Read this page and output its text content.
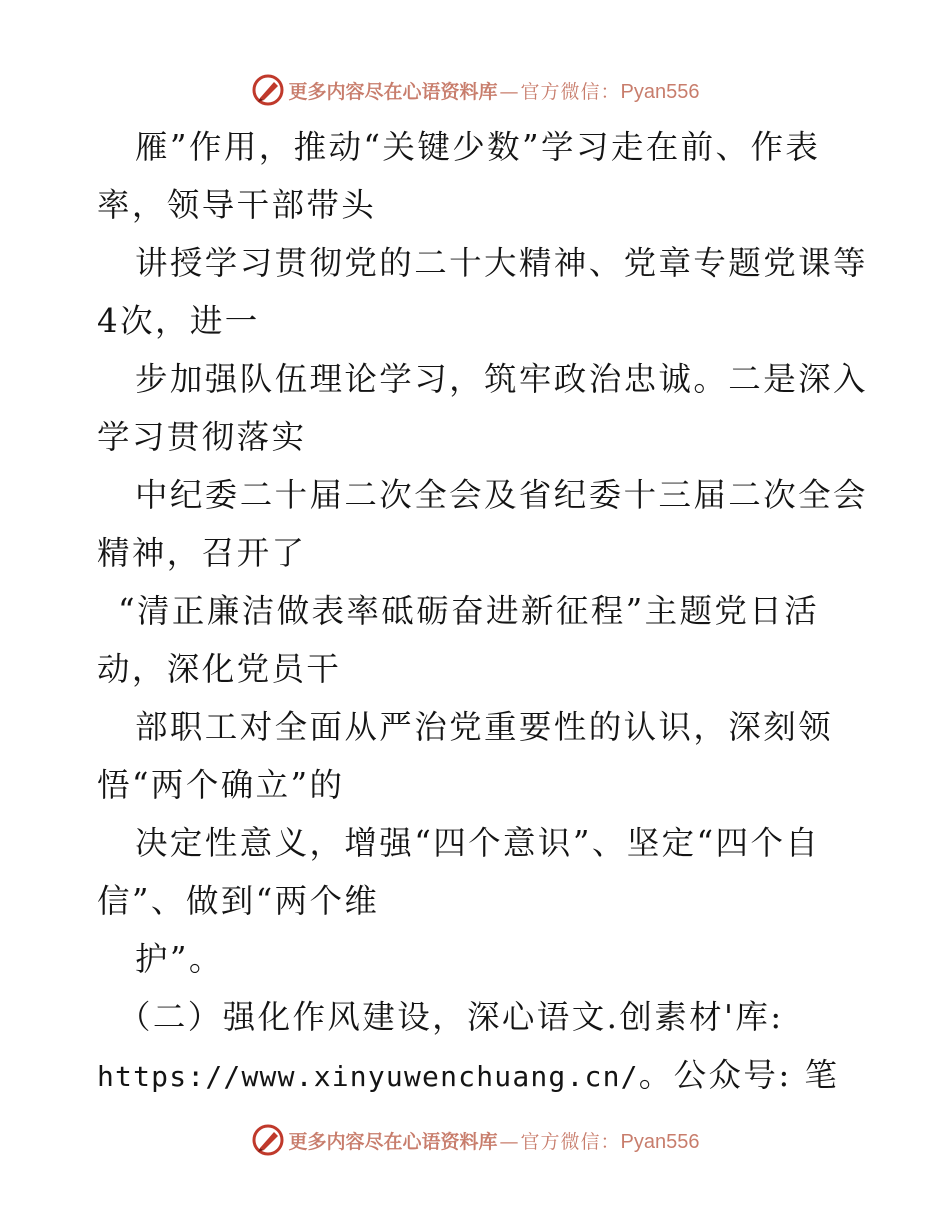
更多内容尽在心语资料库 — 官方微信： Pyan556
雁”作用，推动“关键少数”学习走在前、作表
率，领导干部带头
讲授学习贯彻党的二十大精神、党章专题党课等
4次，进一
步加强队伍理论学习，筑牢政治忠诚。二是深入
学习贯彻落实
中纪委二十届二次全会及省纪委十三届二次全会
精神，召开了
“清正廉洁做表率砥砺奋进新征程”主题党日活
动，深化党员干
部职工对全面从严治党重要性的认识，深刻领
悟“两个确立”的
决定性意义，增强“四个意识”、坚定“四个自
信”、做到“两个维
护”。
（二）强化作风建设，深心语文.创素材'库:
https://www.xinyuwenchuang.cn/。公众号: 笔
更多内容尽在心语资料库 — 官方微信： Pyan556
